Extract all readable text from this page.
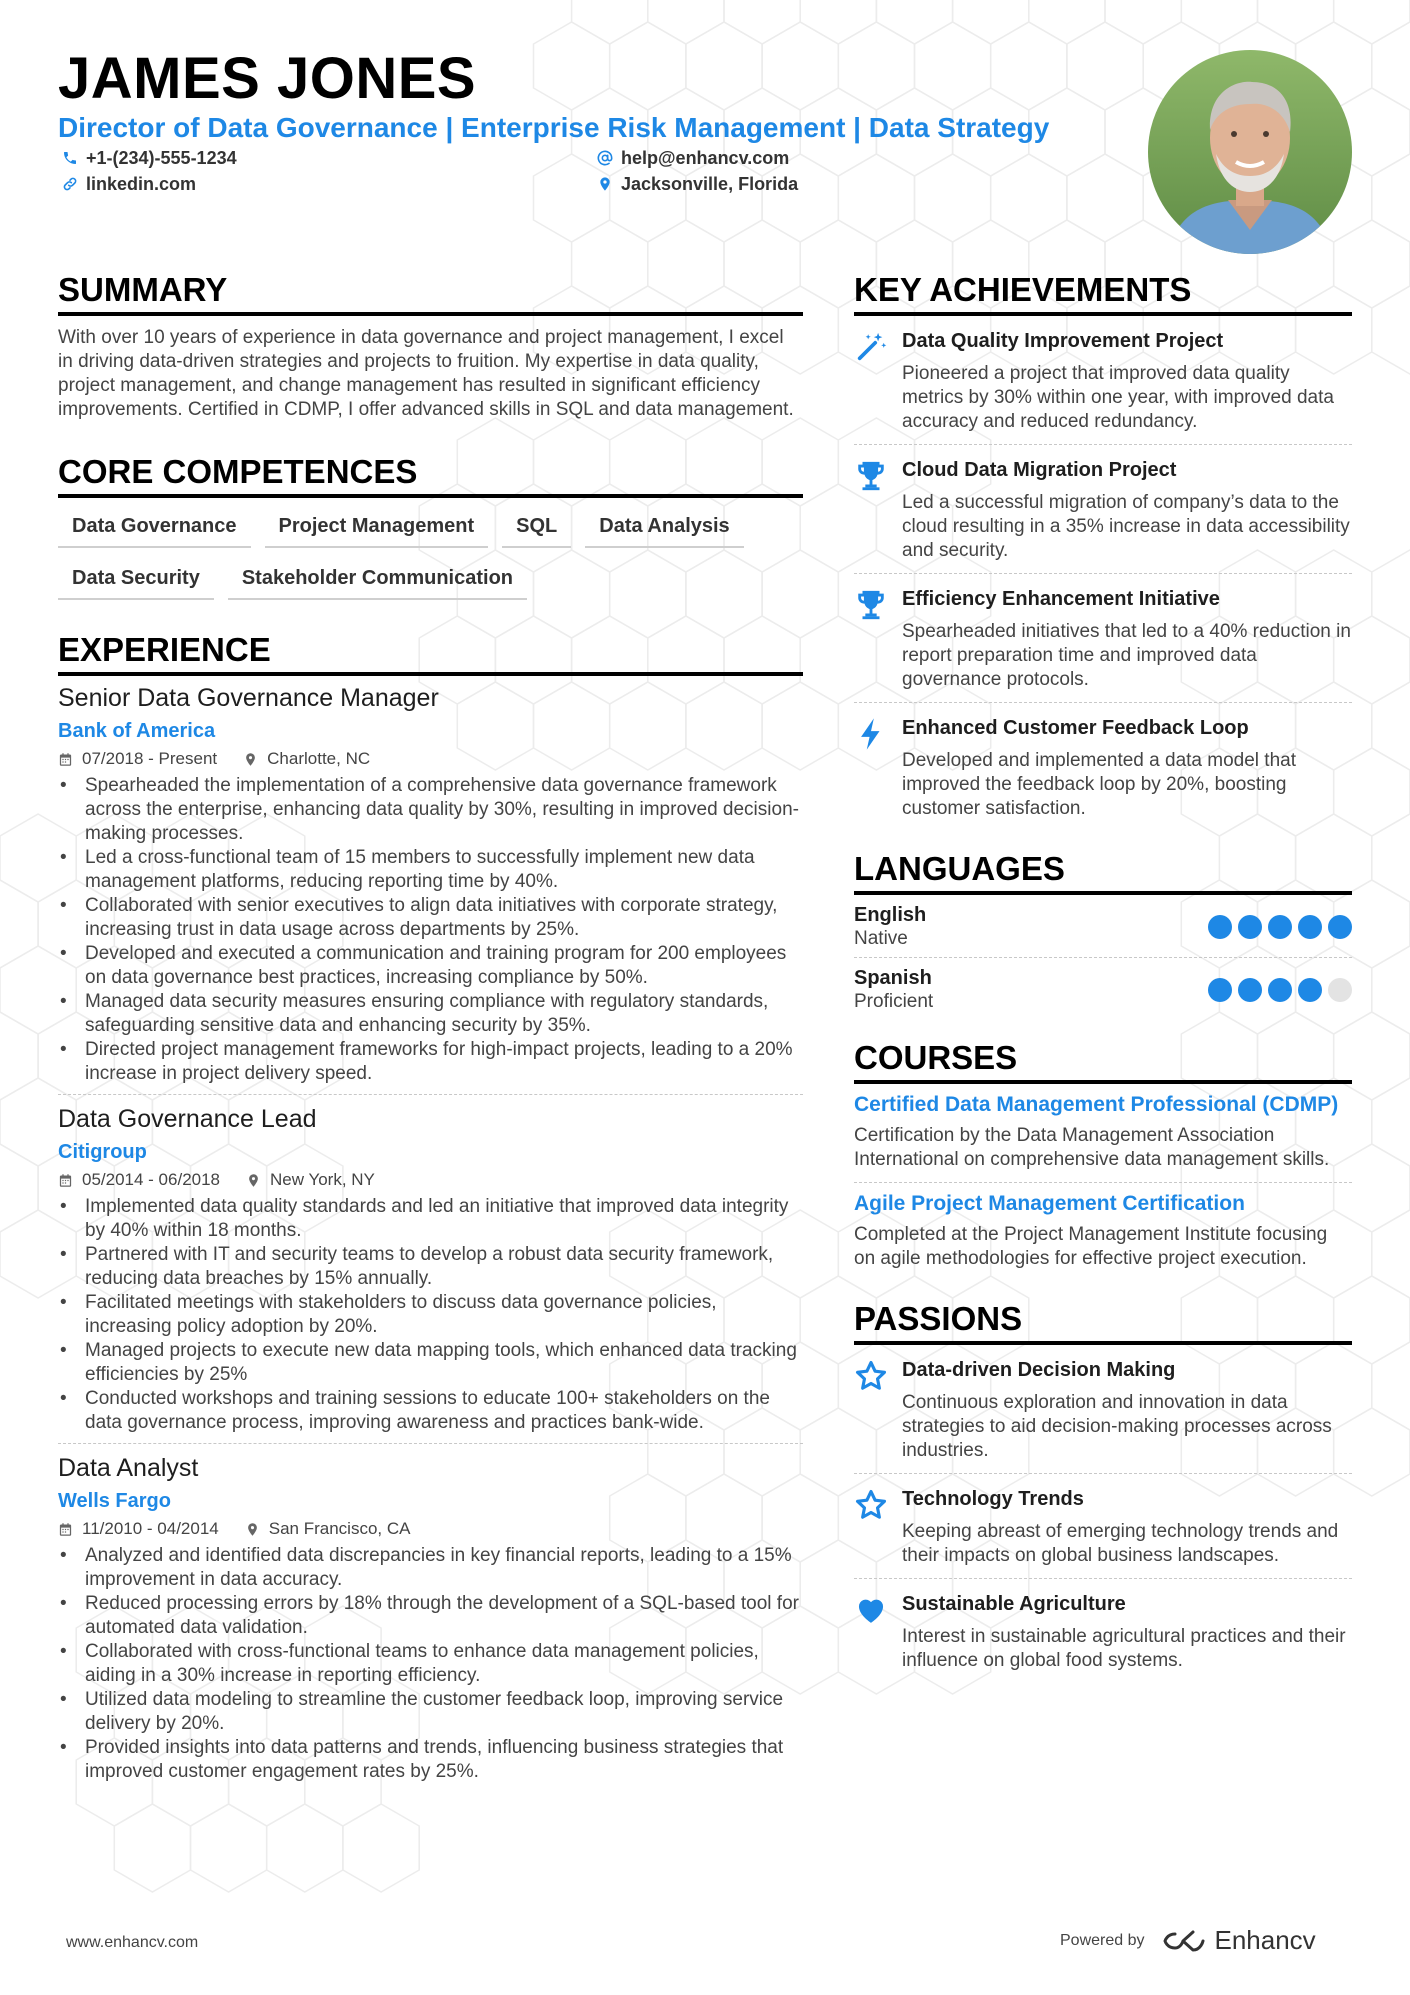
JAMES JONES
Director of Data Governance | Enterprise Risk Management | Data Strategy
+1-(234)-555-1234	help@enhancv.com
linkedin.com	Jacksonville, Florida
SUMMARY
With over 10 years of experience in data governance and project management, I excel in driving data-driven strategies and projects to fruition. My expertise in data quality, project management, and change management has resulted in significant efficiency improvements. Certified in CDMP, I offer advanced skills in SQL and data management.
CORE COMPETENCES
Data Governance	Project Management	SQL	Data Analysis
Data Security	Stakeholder Communication
EXPERIENCE
Senior Data Governance Manager
Bank of America
07/2018 - Present	Charlotte, NC
• Spearheaded the implementation of a comprehensive data governance framework across the enterprise, enhancing data quality by 30%, resulting in improved decision-making processes.
• Led a cross-functional team of 15 members to successfully implement new data management platforms, reducing reporting time by 40%.
• Collaborated with senior executives to align data initiatives with corporate strategy, increasing trust in data usage across departments by 25%.
• Developed and executed a communication and training program for 200 employees on data governance best practices, increasing compliance by 50%.
• Managed data security measures ensuring compliance with regulatory standards, safeguarding sensitive data and enhancing security by 35%.
• Directed project management frameworks for high-impact projects, leading to a 20% increase in project delivery speed.
Data Governance Lead
Citigroup
05/2014 - 06/2018	New York, NY
• Implemented data quality standards and led an initiative that improved data integrity by 40% within 18 months.
• Partnered with IT and security teams to develop a robust data security framework, reducing data breaches by 15% annually.
• Facilitated meetings with stakeholders to discuss data governance policies, increasing policy adoption by 20%.
• Managed projects to execute new data mapping tools, which enhanced data tracking efficiencies by 25%
• Conducted workshops and training sessions to educate 100+ stakeholders on the data governance process, improving awareness and practices bank-wide.
Data Analyst
Wells Fargo
11/2010 - 04/2014	San Francisco, CA
• Analyzed and identified data discrepancies in key financial reports, leading to a 15% improvement in data accuracy.
• Reduced processing errors by 18% through the development of a SQL-based tool for automated data validation.
• Collaborated with cross-functional teams to enhance data management policies, aiding in a 30% increase in reporting efficiency.
• Utilized data modeling to streamline the customer feedback loop, improving service delivery by 20%.
• Provided insights into data patterns and trends, influencing business strategies that improved customer engagement rates by 25%.
KEY ACHIEVEMENTS
Data Quality Improvement Project
Pioneered a project that improved data quality metrics by 30% within one year, with improved data accuracy and reduced redundancy.
Cloud Data Migration Project
Led a successful migration of company’s data to the cloud resulting in a 35% increase in data accessibility and security.
Efficiency Enhancement Initiative
Spearheaded initiatives that led to a 40% reduction in report preparation time and improved data governance protocols.
Enhanced Customer Feedback Loop
Developed and implemented a data model that improved the feedback loop by 20%, boosting customer satisfaction.
LANGUAGES
English
Native
Spanish
Proficient
COURSES
Certified Data Management Professional (CDMP)
Certification by the Data Management Association International on comprehensive data management skills.
Agile Project Management Certification
Completed at the Project Management Institute focusing on agile methodologies for effective project execution.
PASSIONS
Data-driven Decision Making
Continuous exploration and innovation in data strategies to aid decision-making processes across industries.
Technology Trends
Keeping abreast of emerging technology trends and their impacts on global business landscapes.
Sustainable Agriculture
Interest in sustainable agricultural practices and their influence on global food systems.
www.enhancv.com	Powered by	Enhancv
